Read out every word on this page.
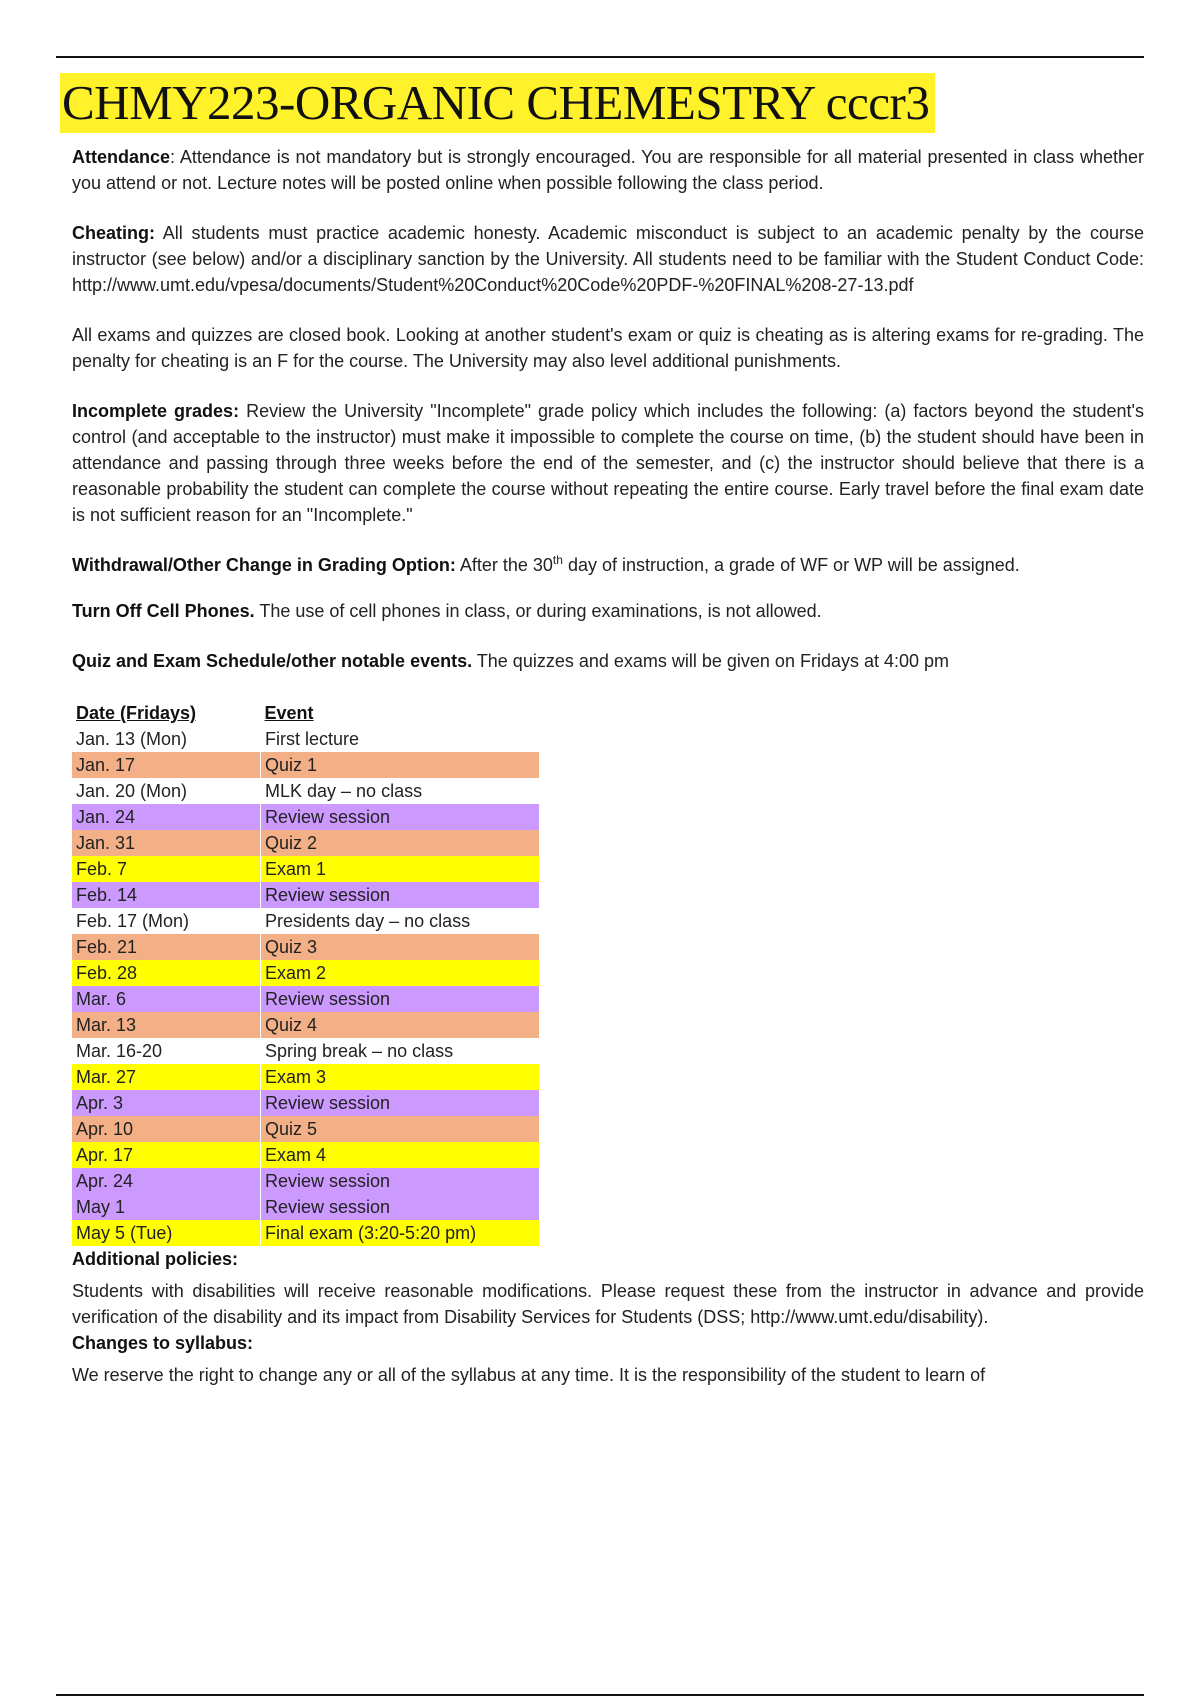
CHMY223-ORGANIC CHEMESTRY cccr3

Attendance: Attendance is not mandatory but is strongly encouraged. You are responsible for all material presented in class whether you attend or not. Lecture notes will be posted online when possible following the class period.

Cheating: All students must practice academic honesty. Academic misconduct is subject to an academic penalty by the course instructor (see below) and/or a disciplinary sanction by the University. All students need to be familiar with the Student Conduct Code: http://www.umt.edu/vpesa/documents/Student%20Conduct%20Code%20PDF-%20FINAL%208-27-13.pdf

All exams and quizzes are closed book. Looking at another student's exam or quiz is cheating as is altering exams for re-grading. The penalty for cheating is an F for the course. The University may also level additional punishments.

Incomplete grades: Review the University "Incomplete" grade policy which includes the following: (a) factors beyond the student's control (and acceptable to the instructor) must make it impossible to complete the course on time, (b) the student should have been in attendance and passing through three weeks before the end of the semester, and (c) the instructor should believe that there is a reasonable probability the student can complete the course without repeating the entire course. Early travel before the final exam date is not sufficient reason for an "Incomplete."

Withdrawal/Other Change in Grading Option: After the 30th day of instruction, a grade of WF or WP will be assigned.

Turn Off Cell Phones. The use of cell phones in class, or during examinations, is not allowed.

Quiz and Exam Schedule/other notable events. The quizzes and exams will be given on Fridays at 4:00 pm

Date (Fridays)	Event
Jan. 13 (Mon)	First lecture
Jan. 17	Quiz 1
Jan. 20 (Mon)	MLK day – no class
Jan. 24	Review session
Jan. 31	Quiz 2
Feb. 7	Exam 1
Feb. 14	Review session
Feb. 17 (Mon)	Presidents day – no class
Feb. 21	Quiz 3
Feb. 28	Exam 2
Mar. 6	Review session
Mar. 13	Quiz 4
Mar. 16-20	Spring break – no class
Mar. 27	Exam 3
Apr. 3	Review session
Apr. 10	Quiz 5
Apr. 17	Exam 4
Apr. 24	Review session
May 1	Review session
May 5 (Tue)	Final exam (3:20-5:20 pm)

Additional policies:

Students with disabilities will receive reasonable modifications. Please request these from the instructor in advance and provide verification of the disability and its impact from Disability Services for Students (DSS; http://www.umt.edu/disability).

Changes to syllabus:

We reserve the right to change any or all of the syllabus at any time. It is the responsibility of the student to learn of
